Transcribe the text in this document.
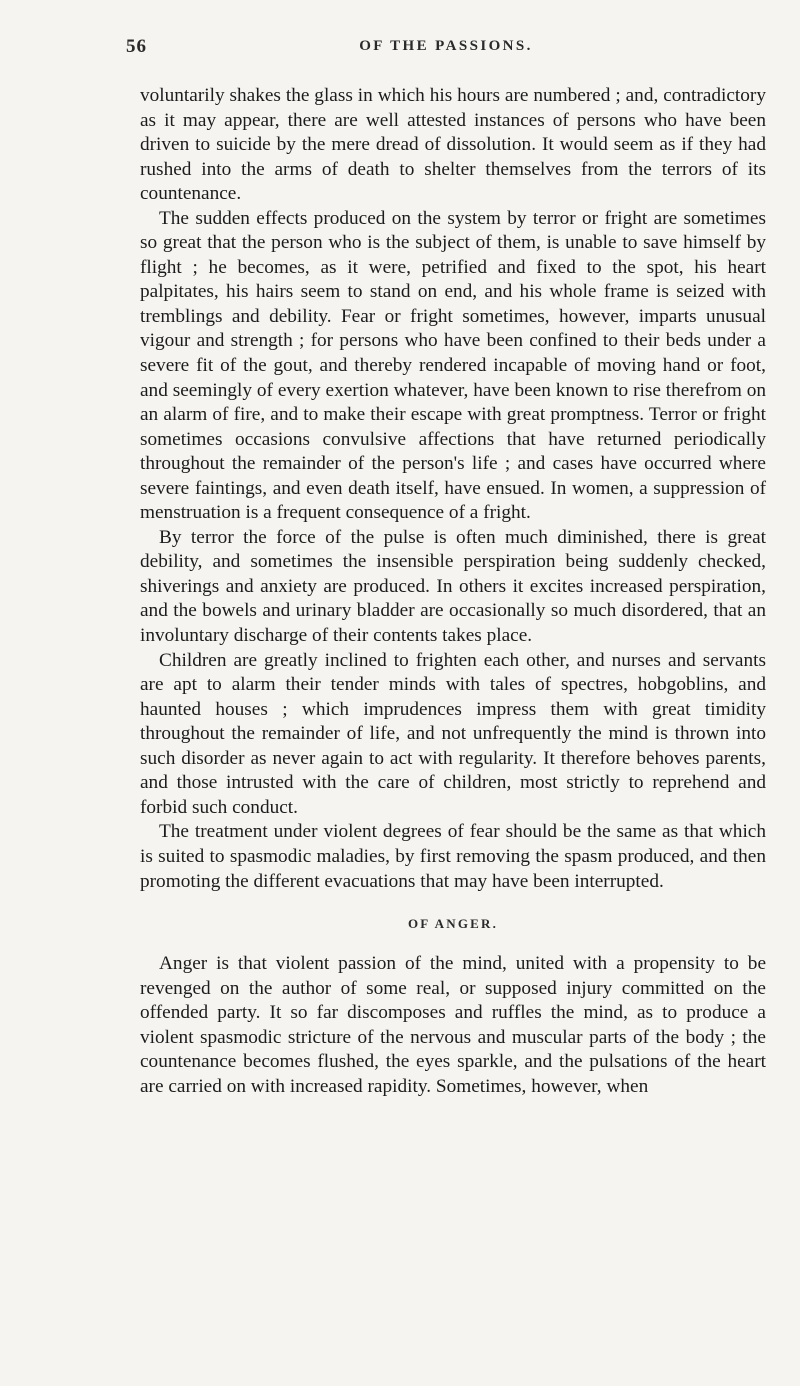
56	OF THE PASSIONS.

voluntarily shakes the glass in which his hours are numbered ; and, contradictory as it may appear, there are well attested instances of persons who have been driven to suicide by the mere dread of dissolution. It would seem as if they had rushed into the arms of death to shelter themselves from the terrors of its countenance.

The sudden effects produced on the system by terror or fright are sometimes so great that the person who is the subject of them, is unable to save himself by flight ; he becomes, as it were, petrified and fixed to the spot, his heart palpitates, his hairs seem to stand on end, and his whole frame is seized with tremblings and debility. Fear or fright sometimes, however, imparts unusual vigour and strength ; for persons who have been confined to their beds under a severe fit of the gout, and thereby rendered incapable of moving hand or foot, and seemingly of every exertion whatever, have been known to rise therefrom on an alarm of fire, and to make their escape with great promptness. Terror or fright sometimes occasions convulsive affections that have returned periodically throughout the remainder of the person's life ; and cases have occurred where severe faintings, and even death itself, have ensued. In women, a suppression of menstruation is a frequent consequence of a fright.

By terror the force of the pulse is often much diminished, there is great debility, and sometimes the insensible perspiration being suddenly checked, shiverings and anxiety are produced. In others it excites increased perspiration, and the bowels and urinary bladder are occasionally so much disordered, that an involuntary discharge of their contents takes place.

Children are greatly inclined to frighten each other, and nurses and servants are apt to alarm their tender minds with tales of spectres, hobgoblins, and haunted houses ; which imprudences impress them with great timidity throughout the remainder of life, and not unfrequently the mind is thrown into such disorder as never again to act with regularity. It therefore behoves parents, and those intrusted with the care of children, most strictly to reprehend and forbid such conduct.

The treatment under violent degrees of fear should be the same as that which is suited to spasmodic maladies, by first removing the spasm produced, and then promoting the different evacuations that may have been interrupted.

OF ANGER.

Anger is that violent passion of the mind, united with a propensity to be revenged on the author of some real, or supposed injury committed on the offended party. It so far discomposes and ruffles the mind, as to produce a violent spasmodic stricture of the nervous and muscular parts of the body ; the countenance becomes flushed, the eyes sparkle, and the pulsations of the heart are carried on with increased rapidity. Sometimes, however, when
